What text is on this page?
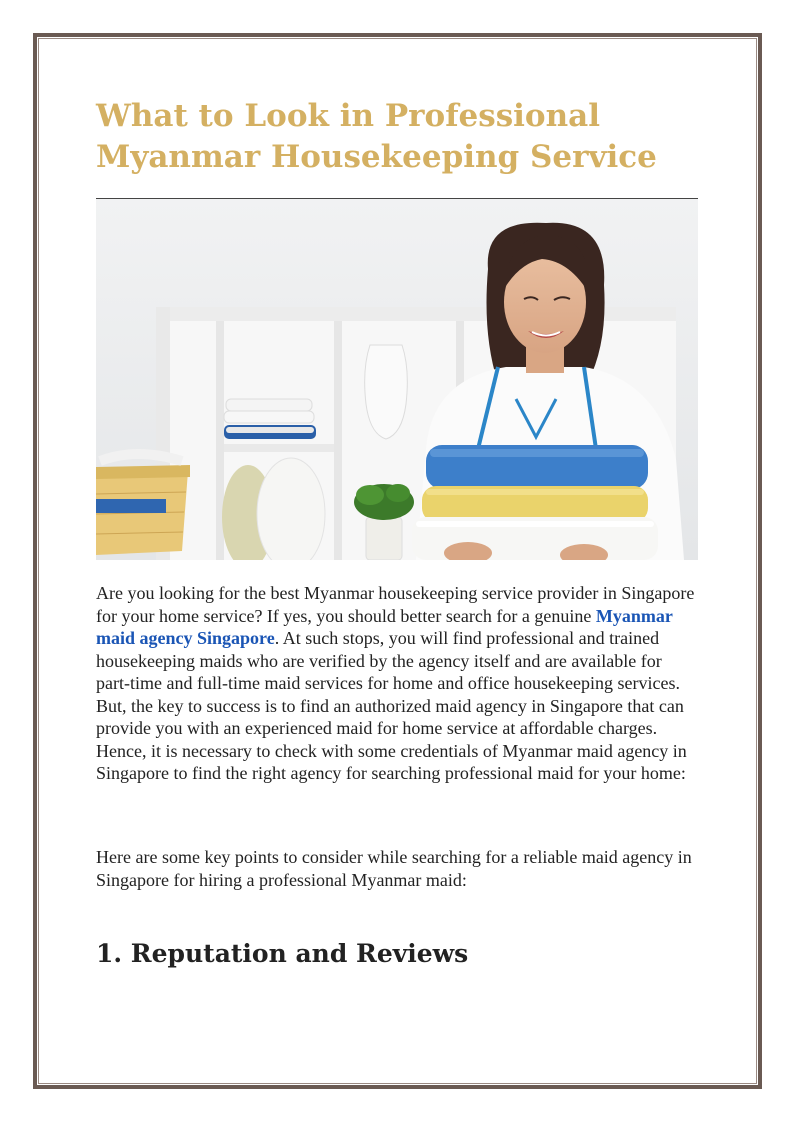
What to Look in Professional Myanmar Housekeeping Service

Are you looking for the best Myanmar housekeeping service provider in Singapore for your home service? If yes, you should better search for a genuine Myanmar maid agency Singapore. At such stops, you will find professional and trained housekeeping maids who are verified by the agency itself and are available for part-time and full-time maid services for home and office housekeeping services. But, the key to success is to find an authorized maid agency in Singapore that can provide you with an experienced maid for home service at affordable charges. Hence, it is necessary to check with some credentials of Myanmar maid agency in Singapore to find the right agency for searching professional maid for your home:

Here are some key points to consider while searching for a reliable maid agency in Singapore for hiring a professional Myanmar maid:

1. Reputation and Reviews
